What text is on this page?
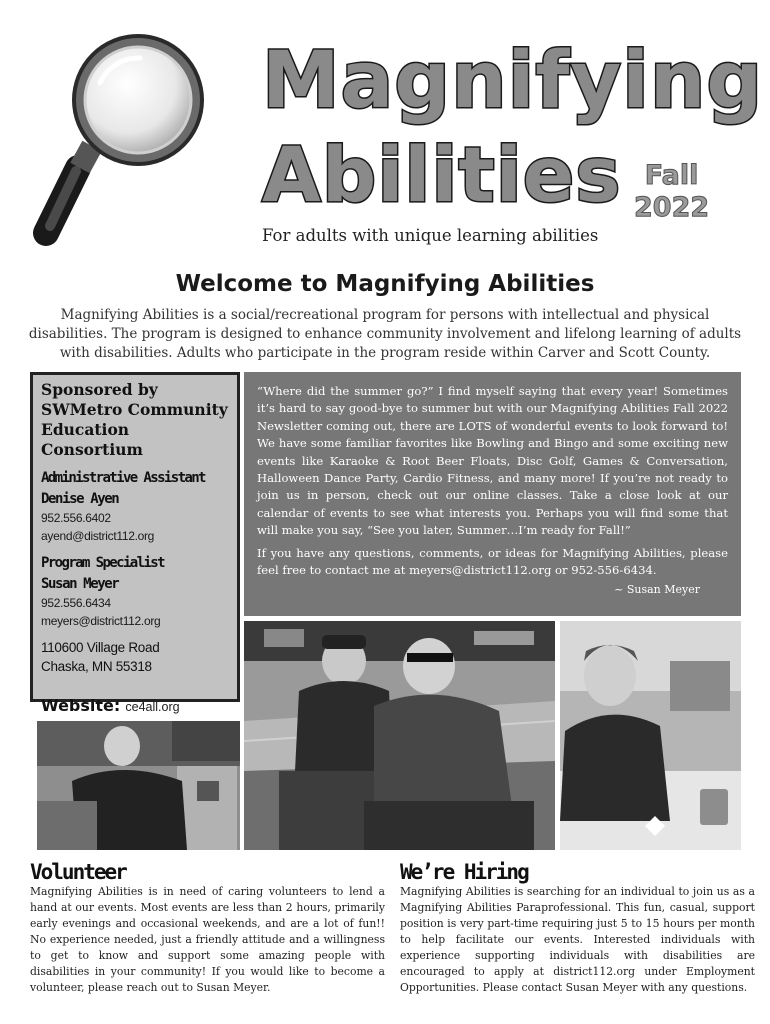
Magnifying
Abilities Fall
2022
For adults with unique learning abilities
Welcome to Magnifying Abilities
Magnifying Abilities is a social/recreational program for persons with intellectual and physical disabilities. The program is designed to enhance community involvement and lifelong learning of adults with disabilities. Adults who participate in the program reside within Carver and Scott County.
Sponsored by
SWMetro Community
Education Consortium
Administrative Assistant
Denise Ayen
952.556.6402
ayend@district112.org
Program Specialist
Susan Meyer
952.556.6434
meyers@district112.org
110600 Village Road
Chaska, MN 55318
Website: ce4all.org

“Where did the summer go?” I find myself saying that every year! Sometimes it’s hard to say good-bye to summer but with our Magnifying Abilities Fall 2022 Newsletter coming out, there are LOTS of wonderful events to look forward to! We have some familiar favorites like Bowling and Bingo and some exciting new events like Karaoke & Root Beer Floats, Disc Golf, Games & Conversation, Halloween Dance Party, Cardio Fitness, and many more! If you’re not ready to join us in person, check out our online classes. Take a close look at our calendar of events to see what interests you. Perhaps you will find some that will make you say, “See you later, Summer…I’m ready for Fall!”

If you have any questions, comments, or ideas for Magnifying Abilities, please feel free to contact me at meyers@district112.org or 952-556-6434.

~ Susan Meyer
Volunteer
Magnifying Abilities is in need of caring volunteers to lend a hand at our events. Most events are less than 2 hours, primarily early evenings and occasional weekends, and are a lot of fun!! No experience needed, just a friendly attitude and a willingness to get to know and support some amazing people with disabilities in your community! If you would like to become a volunteer, please reach out to Susan Meyer.
We’re Hiring
Magnifying Abilities is searching for an individual to join us as a Magnifying Abilities Paraprofessional. This fun, casual, support position is very part-time requiring just 5 to 15 hours per month to help facilitate our events. Interested individuals with experience supporting individuals with disabilities are encouraged to apply at district112.org under Employment Opportunities. Please contact Susan Meyer with any questions.
